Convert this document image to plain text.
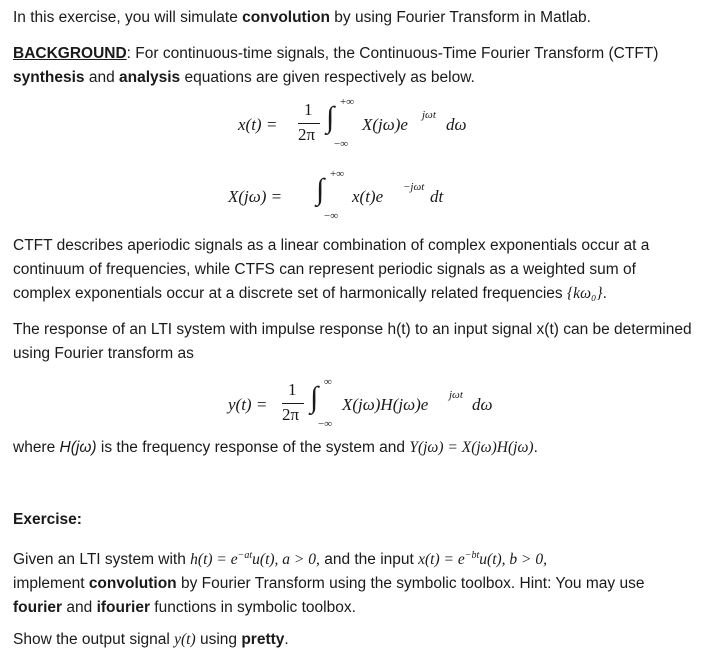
In this exercise, you will simulate convolution by using Fourier Transform in Matlab.
BACKGROUND: For continuous-time signals, the Continuous-Time Fourier Transform (CTFT)
synthesis and analysis equations are given respectively as below.
x(t) =
1
2π
∫ +∞
−∞
X(jω)e jωt dω
X(jω) = ∫ +∞
−∞
x(t)e −jωt dt
CTFT describes aperiodic signals as a linear combination of complex exponentials occur at a continuum of frequencies, while CTFS can represent periodic signals as a weighted sum of complex exponentials occur at a discrete set of harmonically related frequencies {kω₀}.
The response of an LTI system with impulse response h(t) to an input signal x(t) can be determined using Fourier transform as
y(t) =
1
2π
∫ ∞
−∞
X(jω)H(jω)e jωt dω
where H(jω) is the frequency response of the system and Y(jω) = X(jω)H(jω).
Exercise:
Given an LTI system with $h(t) = e^{-at}u(t)$, a > 0, and the input $x(t) = e^{-bt}u(t)$, b > 0,
implement convolution by Fourier Transform using the symbolic toolbox. Hint: You may use
fourier and ifourier functions in symbolic toolbox.
Show the output signal y(t) using pretty.
